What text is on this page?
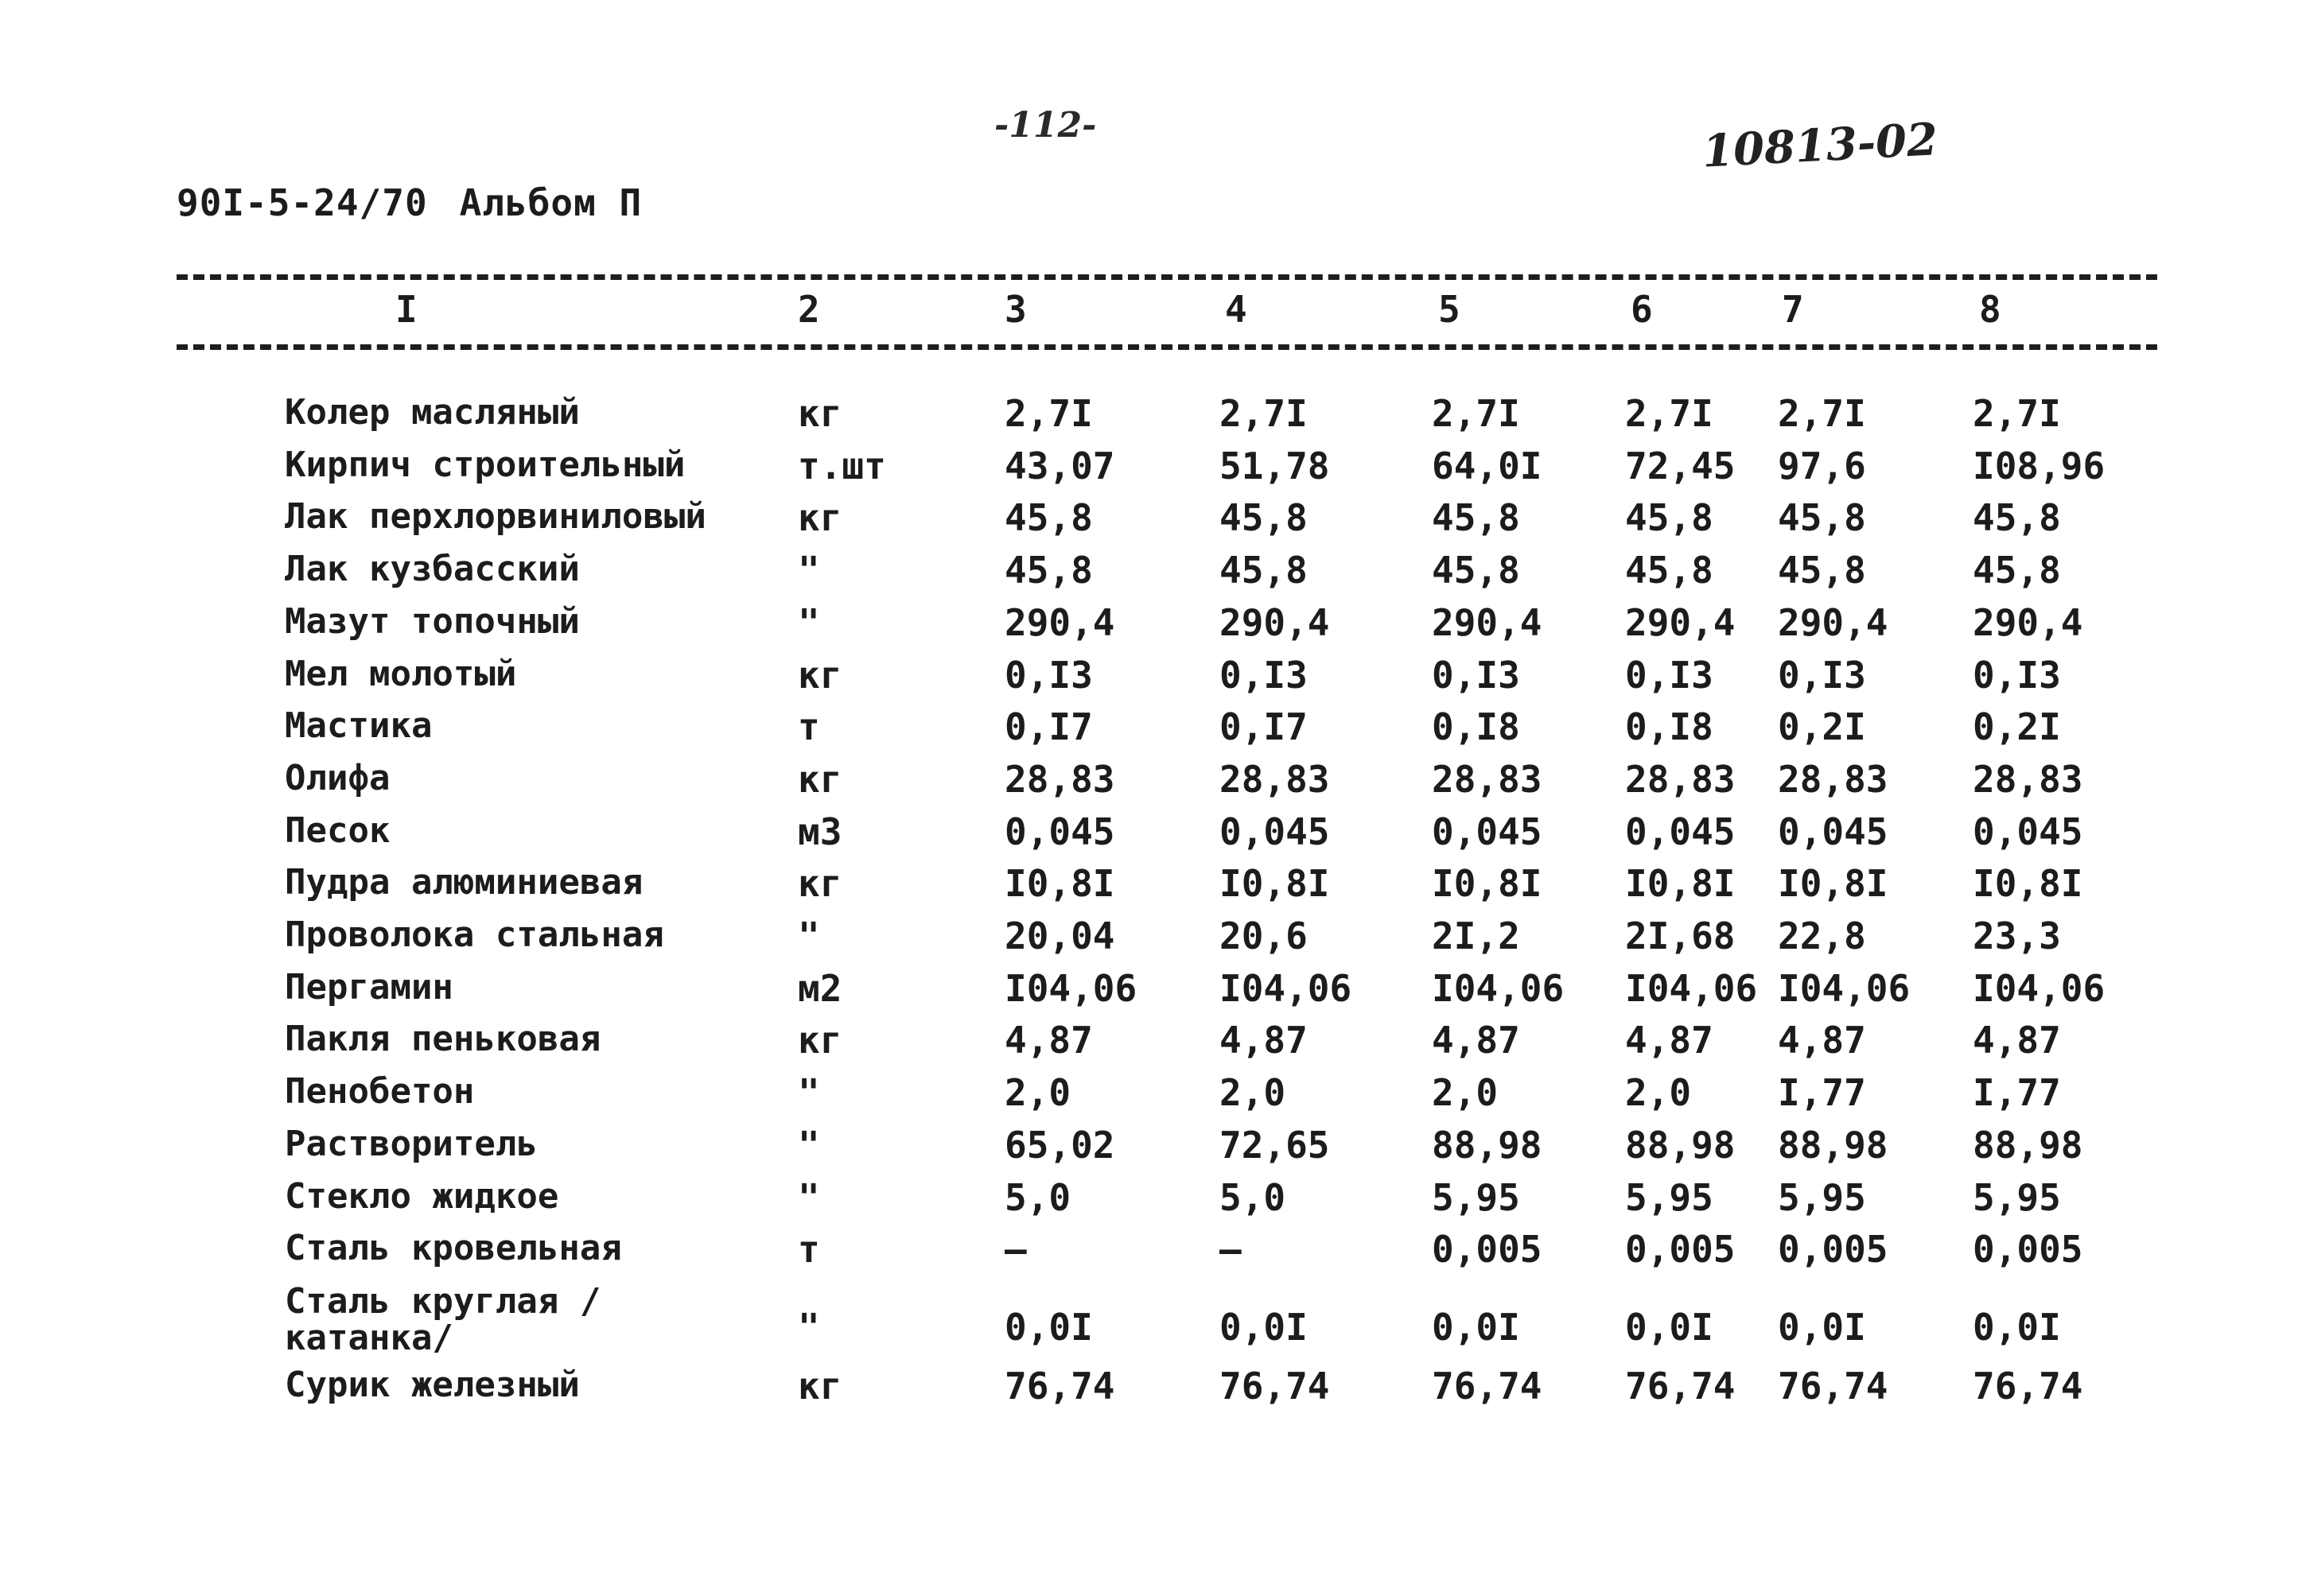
-112-	10813-02
90I-5-24/70 Альбом П
I	2	3	4	5	6	7	8
Колер масляный	кг	2,7I	2,7I	2,7I	2,7I 2,7I	2,7I
Кирпич строительный	т.шт	43,07	51,78	64,0I 72,45 97,6	I08,96
Лак перхлорвиниловый	кг	45,8	45,8	45,8	45,8 45,8	45,8
Лак кузбасский	"	45,8	45,8	45,8	45,8 45,8	45,8
Мазут топочный	"	290,4	290,4	290,4 290,4 290,4 290,4
Мел молотый	кг	0,I3	0,I3	0,I3	0,I3 0,I3	0,I3
Мастика	т	0,I7	0,I7	0,I8	0,I8 0,2I	0,2I
Олифа	кг	28,83	28,83	28,83 28,83 28,83 28,83
Песок	м3	0,045	0,045	0,045 0,045 0,045 0,045
Пудра алюминиевая	кг	I0,8I	I0,8I	I0,8I I0,8I I0,8I I0,8I
Проволока стальная	"	20,04	20,6	2I,2	2I,68 22,8	23,3
Пергамин	м2	I04,06 I04,06 I04,06 I04,06 I04,06 I04,06
Пакля пеньковая	кг	4,87	4,87	4,87	4,87 4,87	4,87
Пенобетон	"	2,0	2,0	2,0	2,0 I,77	I,77
Растворитель	"	65,02	72,65	88,98 88,98 88,98 88,98
Стекло жидкое	"	5,0	5,0	5,95	5,95 5,95	5,95
Сталь кровельная	т	–	–	0,005 0,005 0,005 0,005
Сталь круглая /катанка/	"	0,0I	0,0I	0,0I	0,0I 0,0I	0,0I
Сурик железный	кг	76,74	76,74	76,74 76,74 76,74 76,74
